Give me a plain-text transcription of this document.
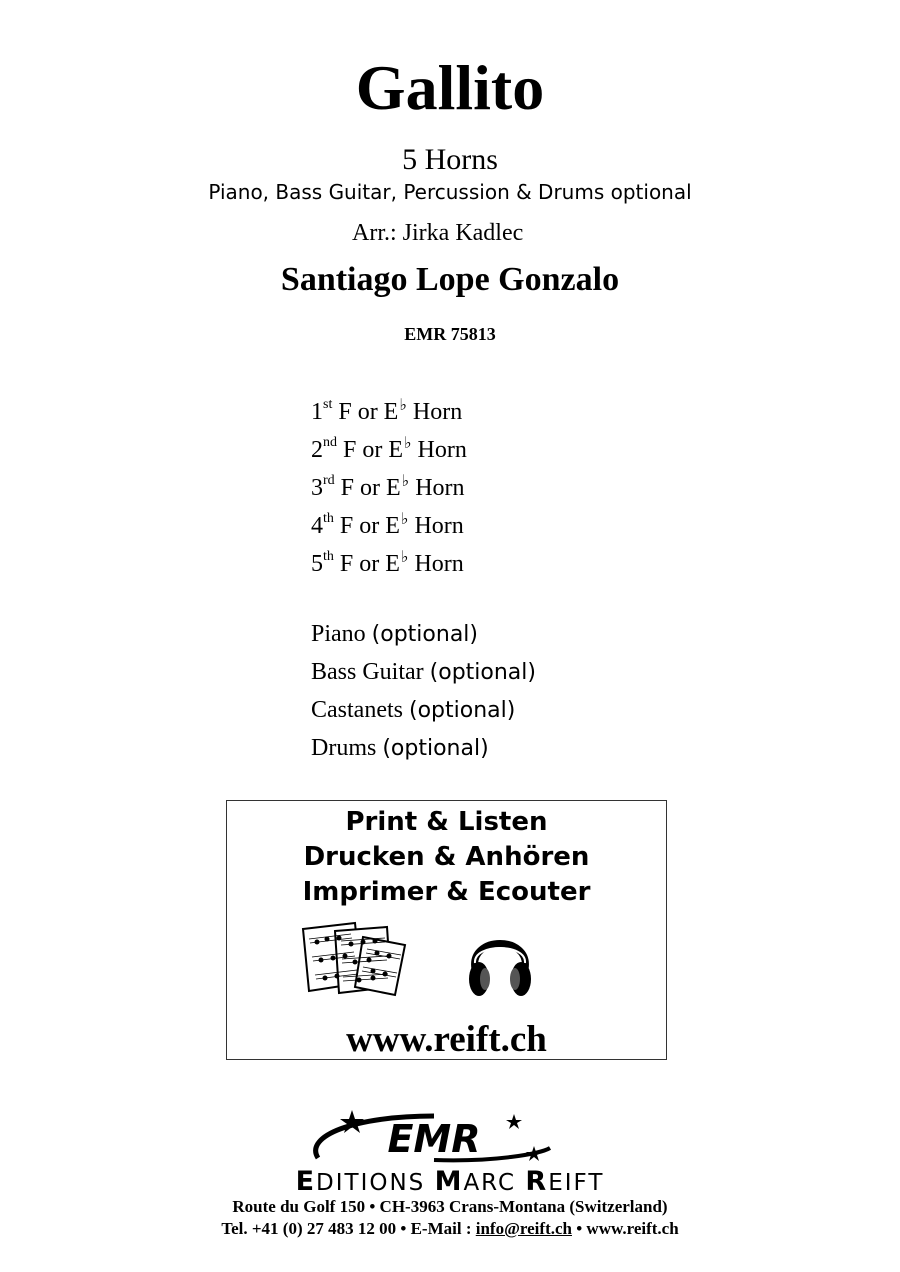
Gallito
5 Horns
Piano, Bass Guitar, Percussion & Drums optional
Arr.: Jirka Kadlec
Santiago Lope Gonzalo
EMR 75813
1st F or E♭ Horn
2nd F or E♭ Horn
3rd F or E♭ Horn
4th F or E♭ Horn
5th F or E♭ Horn
Piano (optional)
Bass Guitar (optional)
Castanets (optional)
Drums (optional)
Print & Listen
Drucken & Anhören
Imprimer & Ecouter
www.reift.ch
EMR
EDITIONS MARC REIFT
Route du Golf 150 • CH-3963 Crans-Montana (Switzerland)
Tel. +41 (0) 27 483 12 00 • E-Mail : info@reift.ch • www.reift.ch
